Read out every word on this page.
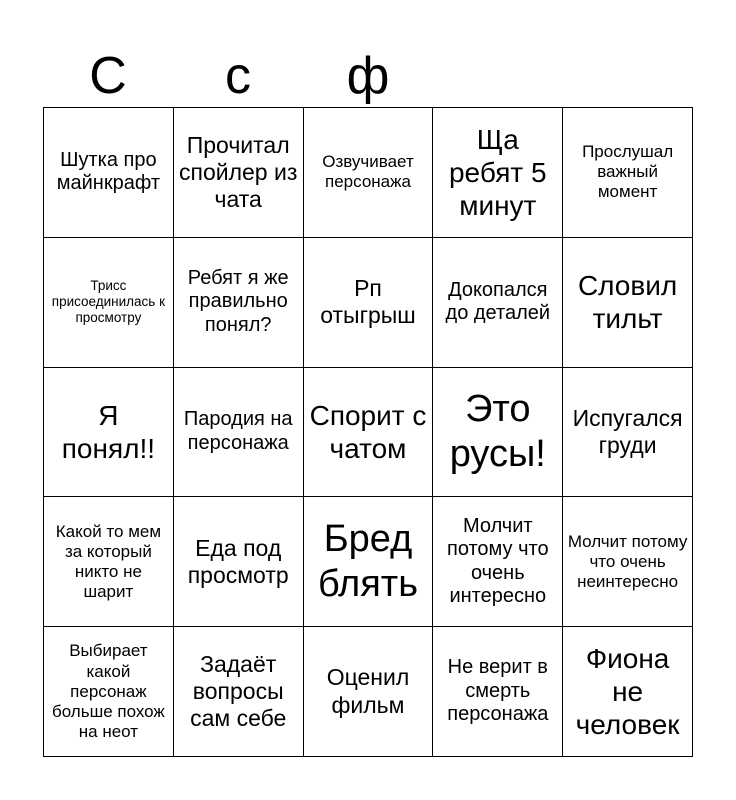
С	с	ф
Шутка про майнкрафт
Прочитал спойлер из чата
Озвучивает персонажа
Ща ребят 5 минут
Прослушал важный момент
Трисс присоединилась к просмотру
Ребят я же правильно понял?
Рп отыгрыш
Докопался до деталей
Словил тильт
Я понял!!
Пародия на персонажа
Спорит с чатом
Это русы!
Испугался груди
Какой то мем за который никто не шарит
Еда под просмотр
Бред блять
Молчит потому что очень интересно
Молчит потому что очень неинтересно
Выбирает какой персонаж больше похож на неот
Задаёт вопросы сам себе
Оценил фильм
Не верит в смерть персонажа
Фиона не человек
